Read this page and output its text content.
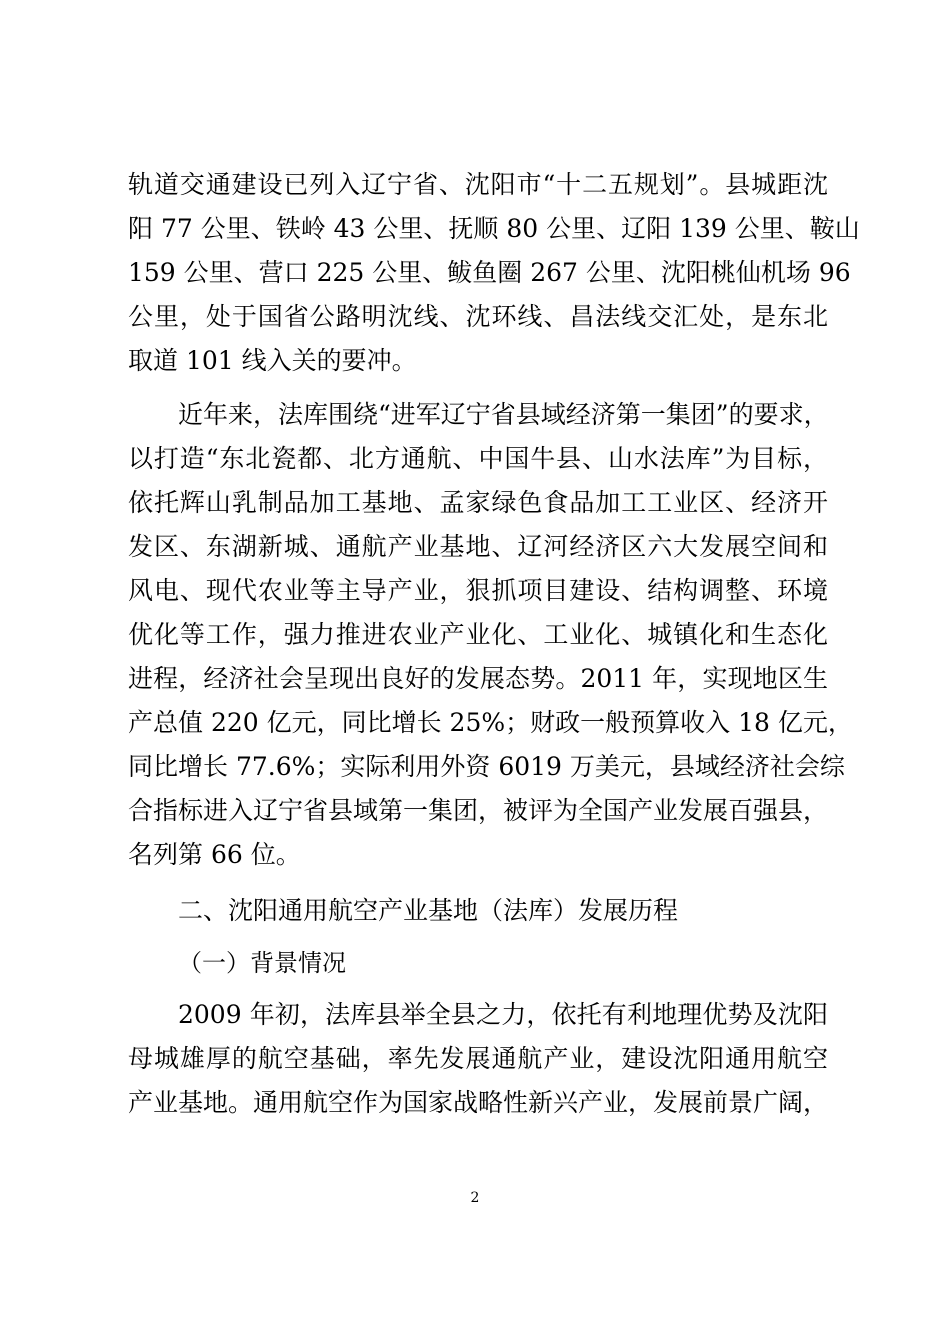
轨道交通建设已列入辽宁省、沈阳市“十二五规划”。县城距沈
阳 77 公里、铁岭 43 公里、抚顺 80 公里、辽阳 139 公里、鞍山
159 公里、营口 225 公里、鲅鱼圈 267 公里、沈阳桃仙机场 96
公里，处于国省公路明沈线、沈环线、昌法线交汇处，是东北
取道 101 线入关的要冲。
近年来，法库围绕“进军辽宁省县域经济第一集团”的要求，
以打造“东北瓷都、北方通航、中国牛县、山水法库”为目标，
依托辉山乳制品加工基地、孟家绿色食品加工工业区、经济开
发区、东湖新城、通航产业基地、辽河经济区六大发展空间和
风电、现代农业等主导产业，狠抓项目建设、结构调整、环境
优化等工作，强力推进农业产业化、工业化、城镇化和生态化
进程，经济社会呈现出良好的发展态势。2011 年，实现地区生
产总值 220 亿元，同比增长 25%；财政一般预算收入 18 亿元，
同比增长 77.6%；实际利用外资 6019 万美元，县域经济社会综
合指标进入辽宁省县域第一集团，被评为全国产业发展百强县，
名列第 66 位。
二、沈阳通用航空产业基地（法库）发展历程
（一）背景情况
2009 年初，法库县举全县之力，依托有利地理优势及沈阳
母城雄厚的航空基础，率先发展通航产业，建设沈阳通用航空
产业基地。通用航空作为国家战略性新兴产业，发展前景广阔，
2
